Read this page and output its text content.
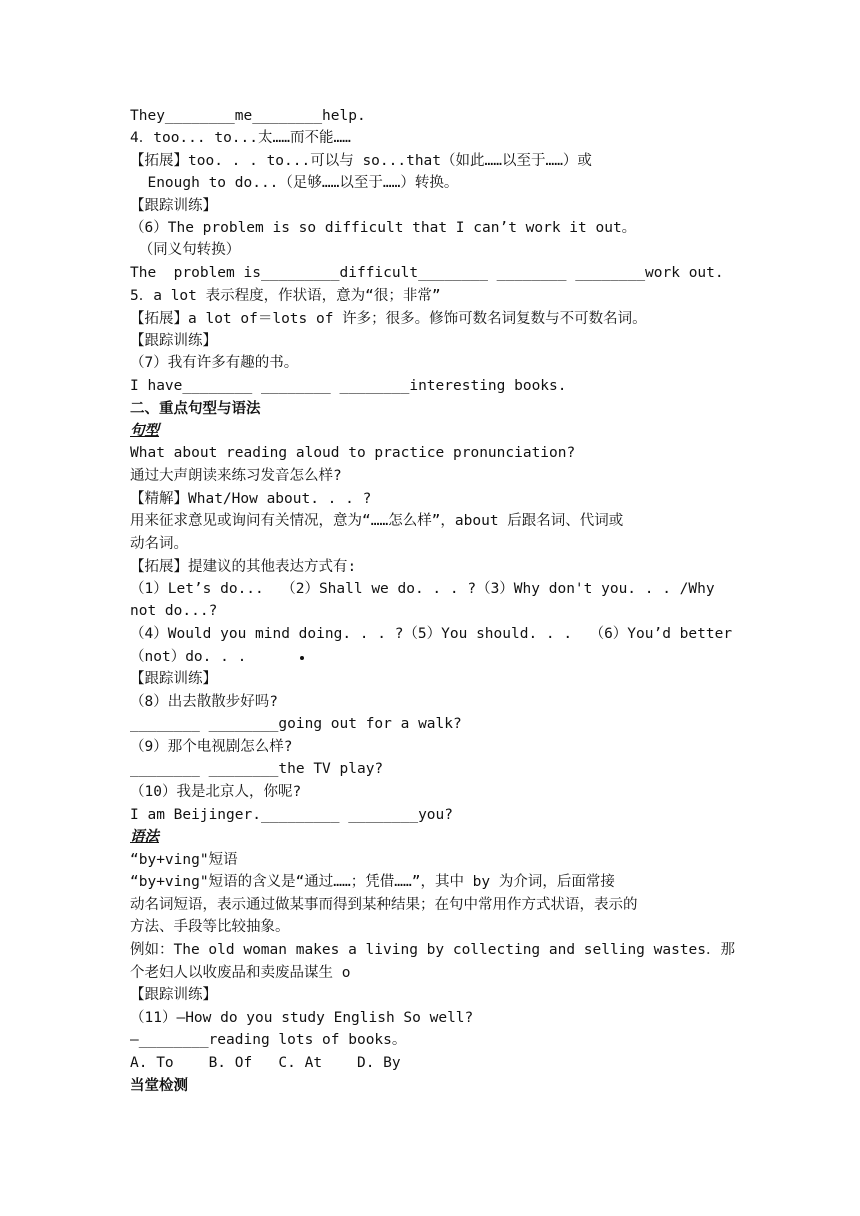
They________me________help.
4．too... to...太……而不能……
【拓展】too. . . to...可以与 so...that（如此……以至于……）或
Enough to do...（足够……以至于……）转换。
【跟踪训练】
（6）The problem is so difficult that I can’t work it out。
（同义句转换）
The  problem is_________difficult________ ________ ________work out.
5．a lot 表示程度，作状语，意为“很；非常”
【拓展】a lot of＝lots of 许多；很多。修饰可数名词复数与不可数名词。
【跟踪训练】
（7）我有许多有趣的书。
I have________ ________ ________interesting books.
二、重点句型与语法
句型
What about reading aloud to practice pronunciation?
通过大声朗读来练习发音怎么样?
【精解】What/How about. . . ?
用来征求意见或询问有关情况，意为“……怎么样”，about 后跟名词、代词或
动名词。
【拓展】提建议的其他表达方式有:
（1）Let’s do...  （2）Shall we do. . . ?（3）Why don't you. . . /Why
not do...?
（4）Would you mind doing. . . ?（5）You should. . .  （6）You’d better
（not）do. . .
【跟踪训练】
（8）出去散散步好吗?
________ ________going out for a walk?
（9）那个电视剧怎么样?
________ ________the TV play?
（10）我是北京人，你呢?
I am Beijinger._________ ________you?
语法
“by+ving"短语
“by+ving"短语的含义是“通过……；凭借……”，其中 by 为介词，后面常接
动名词短语，表示通过做某事而得到某种结果；在句中常用作方式状语，表示的
方法、手段等比较抽象。
例如：The old woman makes a living by collecting and selling wastes．那
个老妇人以收废品和卖废品谋生 o
【跟踪训练】
（11）—How do you study English So well?
—________reading lots of books。
A. To    B. Of   C. At    D. By
当堂检测
